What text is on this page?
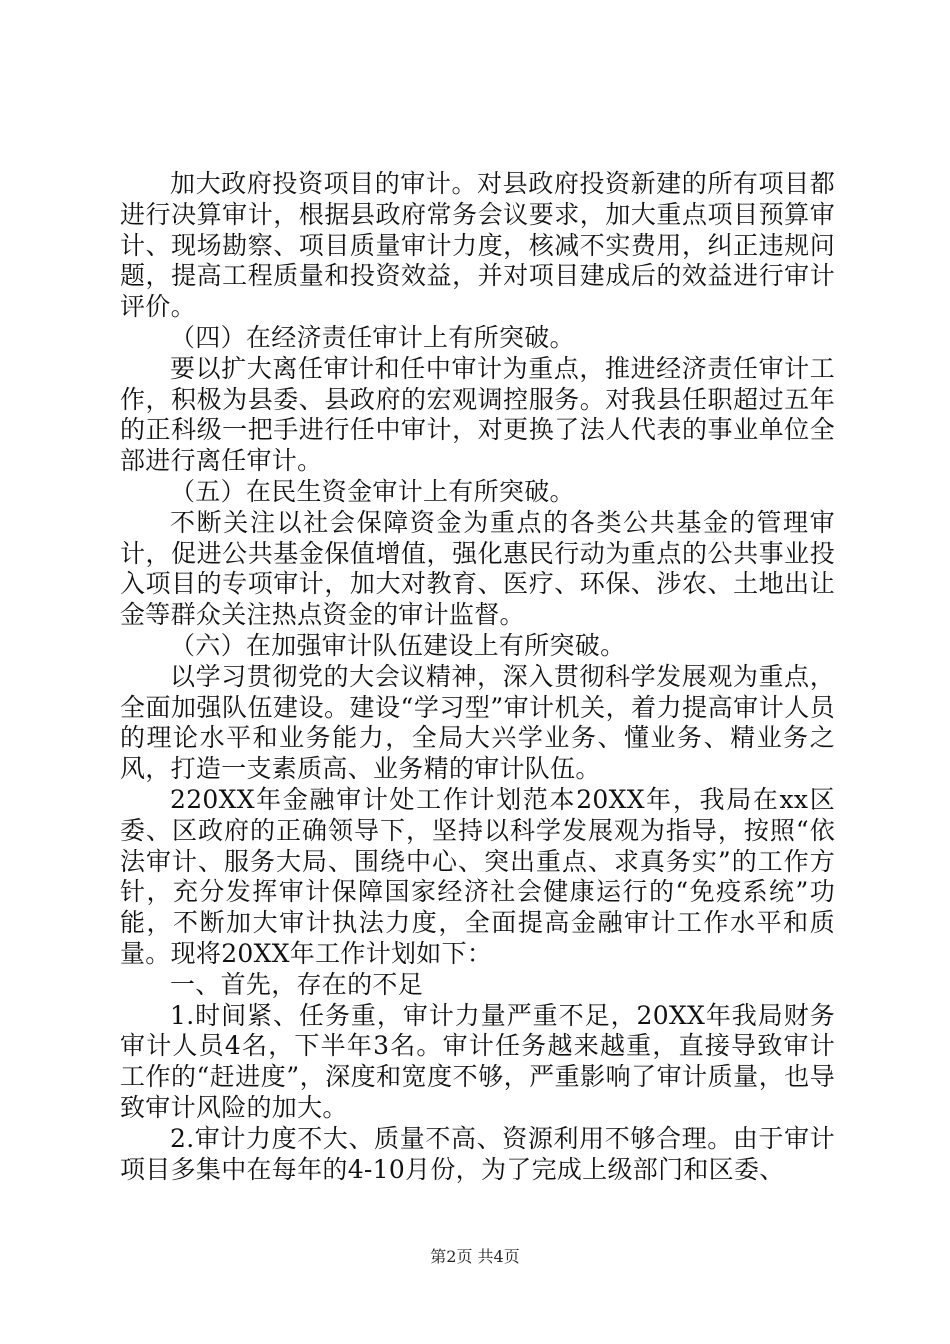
加大政府投资项目的审计。对县政府投资新建的所有项目都进行决算审计，根据县政府常务会议要求，加大重点项目预算审计、现场勘察、项目质量审计力度，核减不实费用，纠正违规问题，提高工程质量和投资效益，并对项目建成后的效益进行审计评价。

（四）在经济责任审计上有所突破。

要以扩大离任审计和任中审计为重点，推进经济责任审计工作，积极为县委、县政府的宏观调控服务。对我县任职超过五年的正科级一把手进行任中审计，对更换了法人代表的事业单位全部进行离任审计。

（五）在民生资金审计上有所突破。

不断关注以社会保障资金为重点的各类公共基金的管理审计，促进公共基金保值增值，强化惠民行动为重点的公共事业投入项目的专项审计，加大对教育、医疗、环保、涉农、土地出让金等群众关注热点资金的审计监督。

（六）在加强审计队伍建设上有所突破。

以学习贯彻党的大会议精神，深入贯彻科学发展观为重点，全面加强队伍建设。建设“学习型”审计机关，着力提高审计人员的理论水平和业务能力，全局大兴学业务、懂业务、精业务之风，打造一支素质高、业务精的审计队伍。

220XX年金融审计处工作计划范本20XX年，我局在xx区委、区政府的正确领导下，坚持以科学发展观为指导，按照“依法审计、服务大局、围绕中心、突出重点、求真务实”的工作方针，充分发挥审计保障国家经济社会健康运行的“免疫系统”功能，不断加大审计执法力度，全面提高金融审计工作水平和质量。现将20XX年工作计划如下：

一、首先，存在的不足

1.时间紧、任务重，审计力量严重不足，20XX年我局财务审计人员4名，下半年3名。审计任务越来越重，直接导致审计工作的“赶进度”，深度和宽度不够，严重影响了审计质量，也导致审计风险的加大。

2.审计力度不大、质量不高、资源利用不够合理。由于审计项目多集中在每年的4-10月份，为了完成上级部门和区委、

第2页 共4页
